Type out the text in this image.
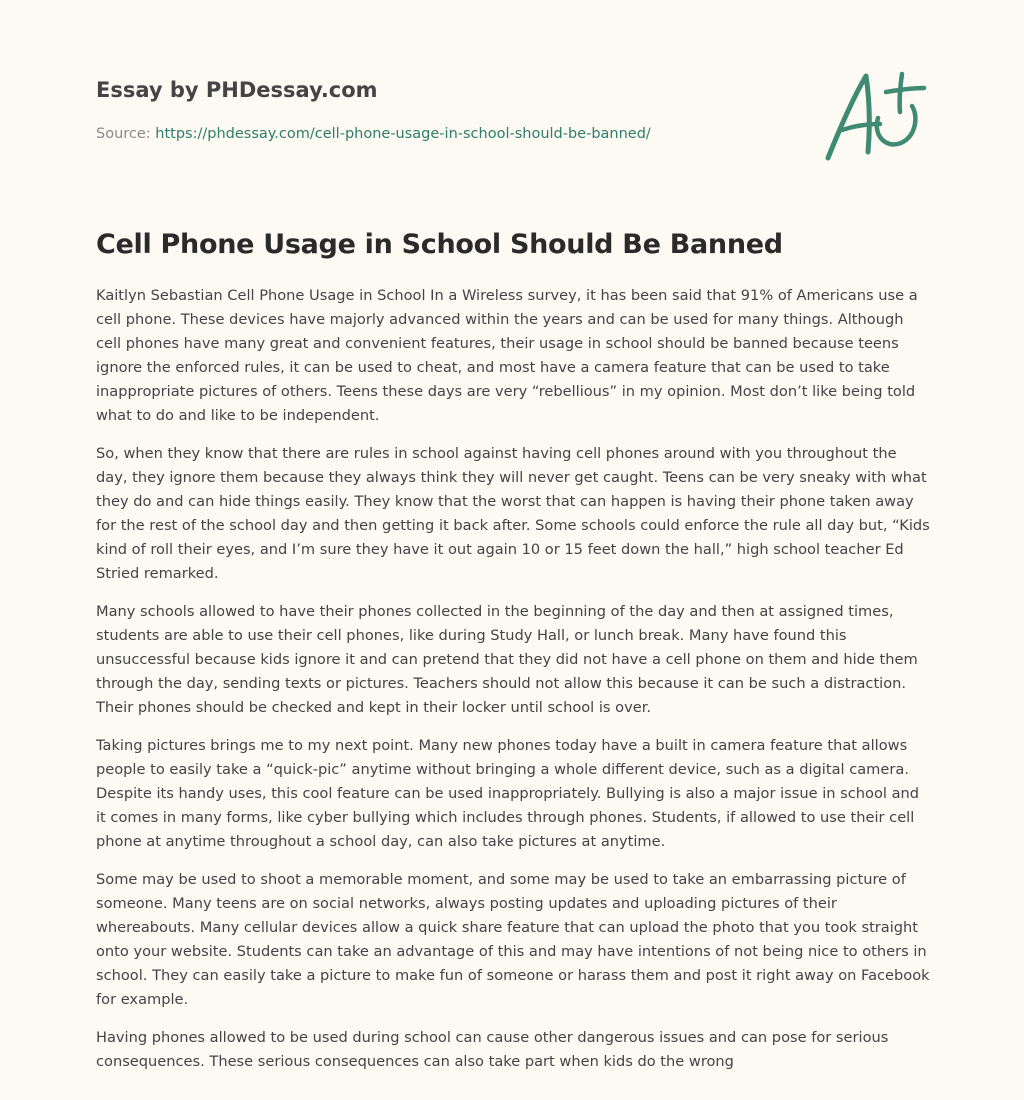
Essay by PHDessay.com
Source: https://phdessay.com/cell-phone-usage-in-school-should-be-banned/
Cell Phone Usage in School Should Be Banned

Kaitlyn Sebastian Cell Phone Usage in School In a Wireless survey, it has been said that 91% of Americans use a cell phone. These devices have majorly advanced within the years and can be used for many things. Although cell phones have many great and convenient features, their usage in school should be banned because teens ignore the enforced rules, it can be used to cheat, and most have a camera feature that can be used to take inappropriate pictures of others. Teens these days are very “rebellious” in my opinion. Most don’t like being told what to do and like to be independent.

So, when they know that there are rules in school against having cell phones around with you throughout the day, they ignore them because they always think they will never get caught. Teens can be very sneaky with what they do and can hide things easily. They know that the worst that can happen is having their phone taken away for the rest of the school day and then getting it back after. Some schools could enforce the rule all day but, “Kids kind of roll their eyes, and I’m sure they have it out again 10 or 15 feet down the hall,” high school teacher Ed Stried remarked.

Many schools allowed to have their phones collected in the beginning of the day and then at assigned times, students are able to use their cell phones, like during Study Hall, or lunch break. Many have found this unsuccessful because kids ignore it and can pretend that they did not have a cell phone on them and hide them through the day, sending texts or pictures. Teachers should not allow this because it can be such a distraction. Their phones should be checked and kept in their locker until school is over.

Taking pictures brings me to my next point. Many new phones today have a built in camera feature that allows people to easily take a “quick-pic” anytime without bringing a whole different device, such as a digital camera. Despite its handy uses, this cool feature can be used inappropriately. Bullying is also a major issue in school and it comes in many forms, like cyber bullying which includes through phones. Students, if allowed to use their cell phone at anytime throughout a school day, can also take pictures at anytime.

Some may be used to shoot a memorable moment, and some may be used to take an embarrassing picture of someone. Many teens are on social networks, always posting updates and uploading pictures of their whereabouts. Many cellular devices allow a quick share feature that can upload the photo that you took straight onto your website. Students can take an advantage of this and may have intentions of not being nice to others in school. They can easily take a picture to make fun of someone or harass them and post it right away on Facebook for example.

Having phones allowed to be used during school can cause other dangerous issues and can pose for serious consequences. These serious consequences can also take part when kids do the wrong
